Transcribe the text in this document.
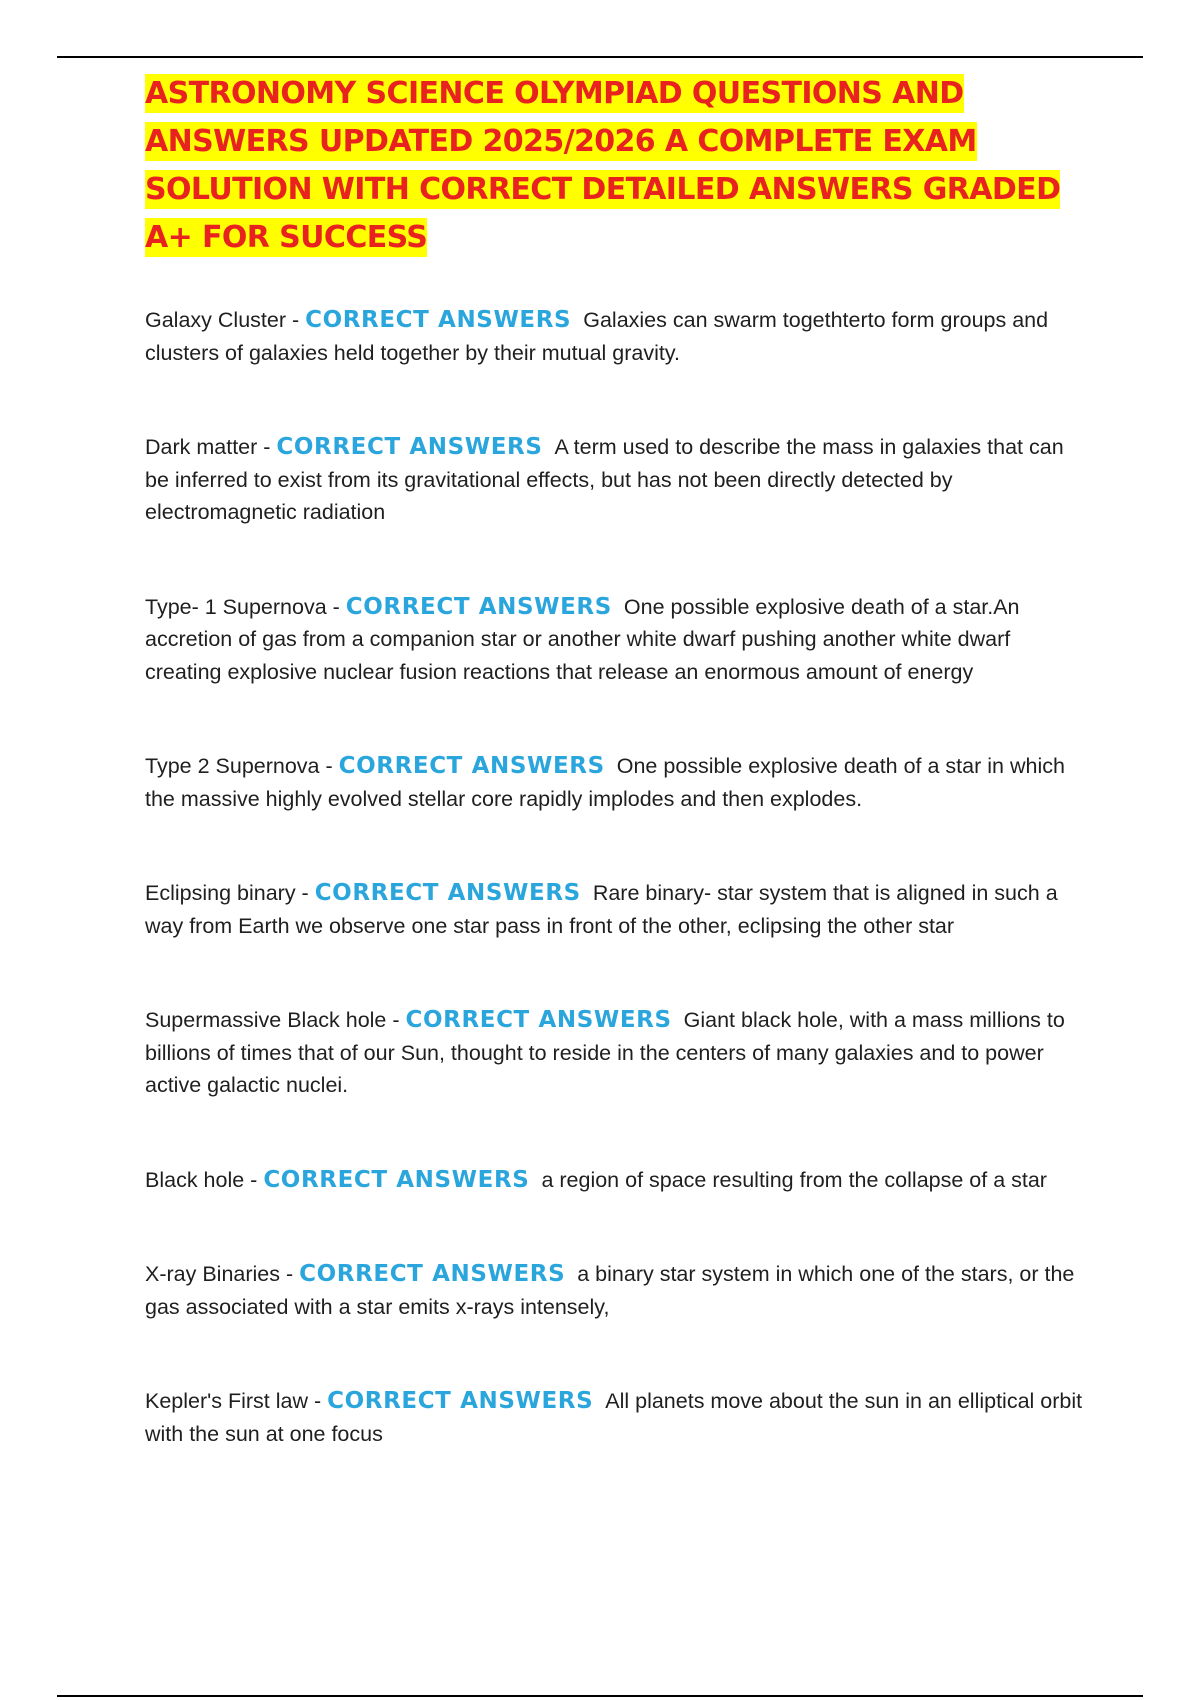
ASTRONOMY SCIENCE OLYMPIAD QUESTIONS AND ANSWERS UPDATED 2025/2026 A COMPLETE EXAM SOLUTION WITH CORRECT DETAILED ANSWERS GRADED A+ FOR SUCCESS

Galaxy Cluster - CORRECT ANSWERS Galaxies can swarm togethterto form groups and clusters of galaxies held together by their mutual gravity.

Dark matter - CORRECT ANSWERS A term used to describe the mass in galaxies that can be inferred to exist from its gravitational effects, but has not been directly detected by electromagnetic radiation

Type- 1 Supernova - CORRECT ANSWERS One possible explosive death of a star.An accretion of gas from a companion star or another white dwarf pushing another white dwarf creating explosive nuclear fusion reactions that release an enormous amount of energy

Type 2 Supernova - CORRECT ANSWERS One possible explosive death of a star in which the massive highly evolved stellar core rapidly implodes and then explodes.

Eclipsing binary - CORRECT ANSWERS Rare binary- star system that is aligned in such a way from Earth we observe one star pass in front of the other, eclipsing the other star

Supermassive Black hole - CORRECT ANSWERS Giant black hole, with a mass millions to billions of times that of our Sun, thought to reside in the centers of many galaxies and to power active galactic nuclei.

Black hole - CORRECT ANSWERS a region of space resulting from the collapse of a star

X-ray Binaries - CORRECT ANSWERS a binary star system in which one of the stars, or the gas associated with a star emits x-rays intensely,

Kepler's First law - CORRECT ANSWERS All planets move about the sun in an elliptical orbit with the sun at one focus
